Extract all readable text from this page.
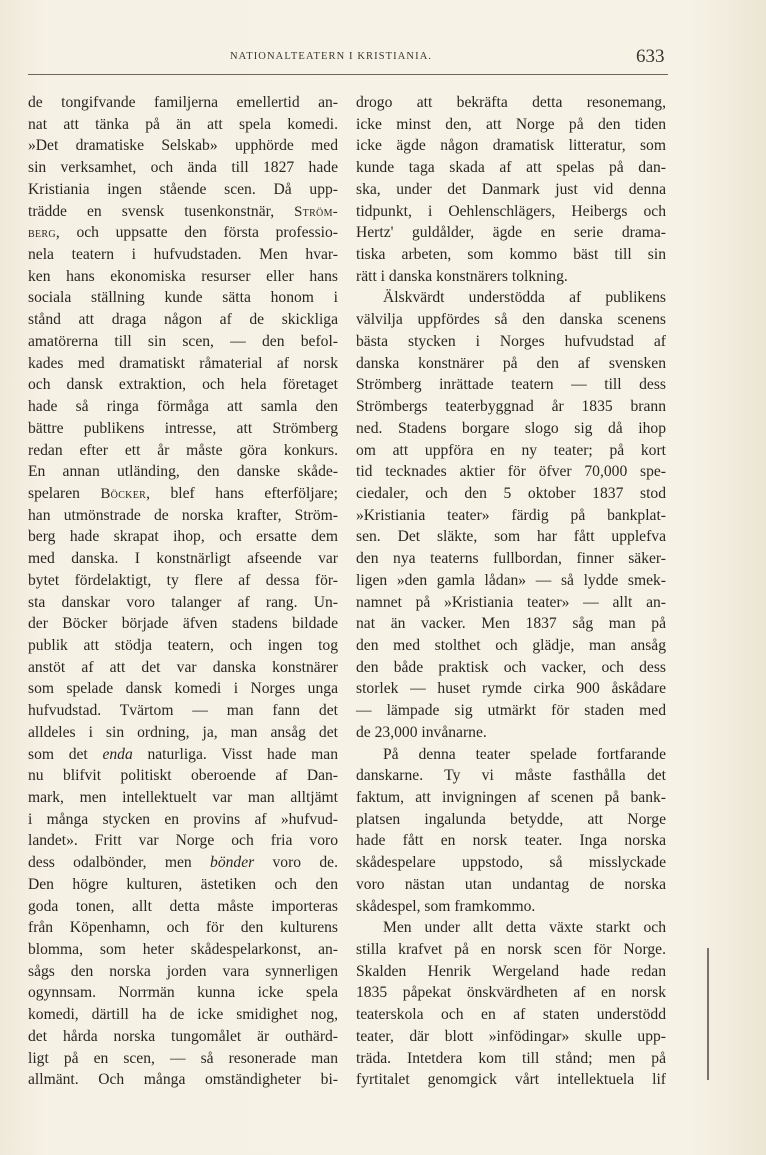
NATIONALTEATERN I KRISTIANIA.	633
de tongifvande familjerna emellertid an-
nat att tänka på än att spela komedi.
»Det dramatiske Selskab» upphörde med
sin verksamhet, och ända till 1827 hade
Kristiania ingen stående scen. Då upp-
trädde en svensk tusenkonstnär, Ström-
berg, och uppsatte den första professio-
nela teatern i hufvudstaden. Men hvar-
ken hans ekonomiska resurser eller hans
sociala ställning kunde sätta honom i
stånd att draga någon af de skickliga
amatörerna till sin scen, — den befol-
kades med dramatiskt råmaterial af norsk
och dansk extraktion, och hela företaget
hade så ringa förmåga att samla den
bättre publikens intresse, att Strömberg
redan efter ett år måste göra konkurs.
En annan utländing, den danske skåde-
spelaren Böcker, blef hans efterföljare;
han utmönstrade de norska krafter, Ström-
berg hade skrapat ihop, och ersatte dem
med danska. I konstnärligt afseende var
bytet fördelaktigt, ty flere af dessa för-
sta danskar voro talanger af rang. Un-
der Böcker började äfven stadens bildade
publik att stödja teatern, och ingen tog
anstöt af att det var danska konstnärer
som spelade dansk komedi i Norges unga
hufvudstad. Tvärtom — man fann det
alldeles i sin ordning, ja, man ansåg det
som det enda naturliga. Visst hade man
nu blifvit politiskt oberoende af Dan-
mark, men intellektuelt var man alltjämt
i många stycken en provins af »hufvud-
landet». Fritt var Norge och fria voro
dess odalbönder, men bönder voro de.
Den högre kulturen, ästetiken och den
goda tonen, allt detta måste importeras
från Köpenhamn, och för den kulturens
blomma, som heter skådespelarkonst, an-
sågs den norska jorden vara synnerligen
ogynnsam. Norrmän kunna icke spela
komedi, därtill ha de icke smidighet nog,
det hårda norska tungomålet är outhärd-
ligt på en scen, — så resonerade man
allmänt. Och många omständigheter bi-
drogo att bekräfta detta resonemang,
icke minst den, att Norge på den tiden
icke ägde någon dramatisk litteratur, som
kunde taga skada af att spelas på dan-
ska, under det Danmark just vid denna
tidpunkt, i Oehlenschlägers, Heibergs och
Hertz' guldålder, ägde en serie drama-
tiska arbeten, som kommo bäst till sin
rätt i danska konstnärers tolkning.
Älskvärdt understödda af publikens
välvilja uppfördes så den danska scenens
bästa stycken i Norges hufvudstad af
danska konstnärer på den af svensken
Strömberg inrättade teatern — till dess
Strömbergs teaterbyggnad år 1835 brann
ned. Stadens borgare slogo sig då ihop
om att uppföra en ny teater; på kort
tid tecknades aktier för öfver 70,000 spe-
ciedaler, och den 5 oktober 1837 stod
»Kristiania teater» färdig på bankplat-
sen. Det släkte, som har fått upplefva
den nya teaterns fullbordan, finner säker-
ligen »den gamla lådan» — så lydde smek-
namnet på »Kristiania teater» — allt an-
nat än vacker. Men 1837 såg man på
den med stolthet och glädje, man ansåg
den både praktisk och vacker, och dess
storlek — huset rymde cirka 900 åskådare
— lämpade sig utmärkt för staden med
de 23,000 invånarne.
På denna teater spelade fortfarande
danskarne. Ty vi måste fasthålla det
faktum, att invigningen af scenen på bank-
platsen ingalunda betydde, att Norge
hade fått en norsk teater. Inga norska
skådespelare uppstodo, så misslyckade
voro nästan utan undantag de norska
skådespel, som framkommo.
Men under allt detta växte starkt och
stilla krafvet på en norsk scen för Norge.
Skalden Henrik Wergeland hade redan
1835 påpekat önskvärdheten af en norsk
teaterskola och en af staten understödd
teater, där blott »infödingar» skulle upp-
träda. Intetdera kom till stånd; men på
fyrtitalet genomgick vårt intellektuela lif
